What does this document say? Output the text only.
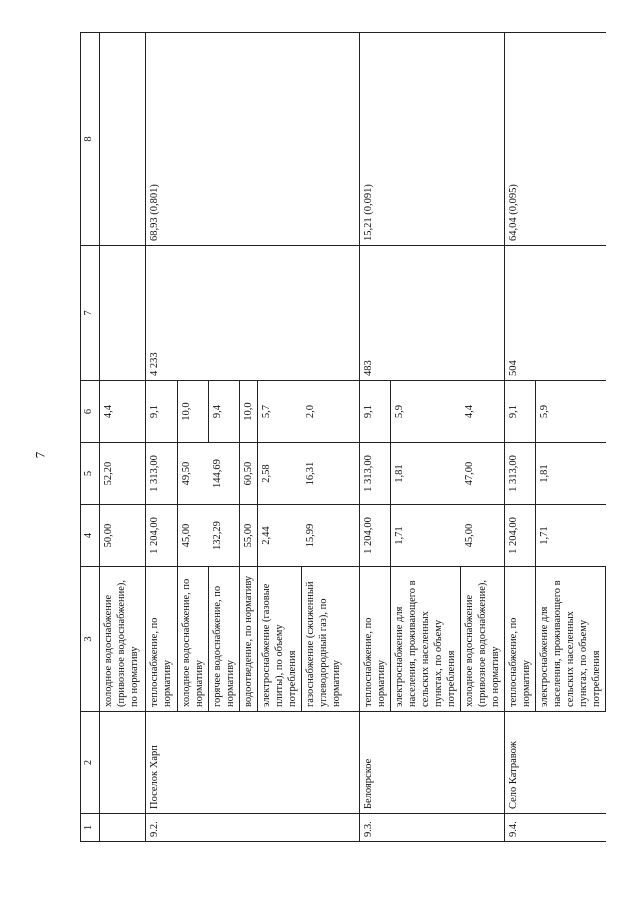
7
1	2	3	4	5	6	7	8
		холодное водоснабжение (привозное водоснабжение), по нормативу	50,00	52,20	4,4		
9.2.	Поселок Харп	теплоснабжение, по нормативу	1 204,00	1 313,00	9,1	4 233	68,93 (0,801)
		холодное водоснабжение, по нормативу	45,00	49,50	10,0		
		горячее водоснабжение, по нормативу	132,29	144,69	9,4		
		водоотведение, по нормативу	55,00	60,50	10,0		
		электроснабжение (газовые плиты), по объему потребления	2,44	2,58	5,7		
		газоснабжение (сжиженный углеводородный газ), по нормативу	15,99	16,31	2,0		
9.3.	Белоярское	теплоснабжение, по нормативу	1 204,00	1 313,00	9,1	483	15,21 (0,091)
		электроснабжение для населения, проживающего в сельских населенных пунктах, по объему потребления	1,71	1,81	5,9		
		холодное водоснабжение (привозное водоснабжение), по нормативу	45,00	47,00	4,4		
9.4.	Село Катравож	теплоснабжение, по нормативу	1 204,00	1 313,00	9,1	504	64,04 (0,095)
		электроснабжение для населения, проживающего в сельских населенных пунктах, по объему потребления	1,71	1,81	5,9		
